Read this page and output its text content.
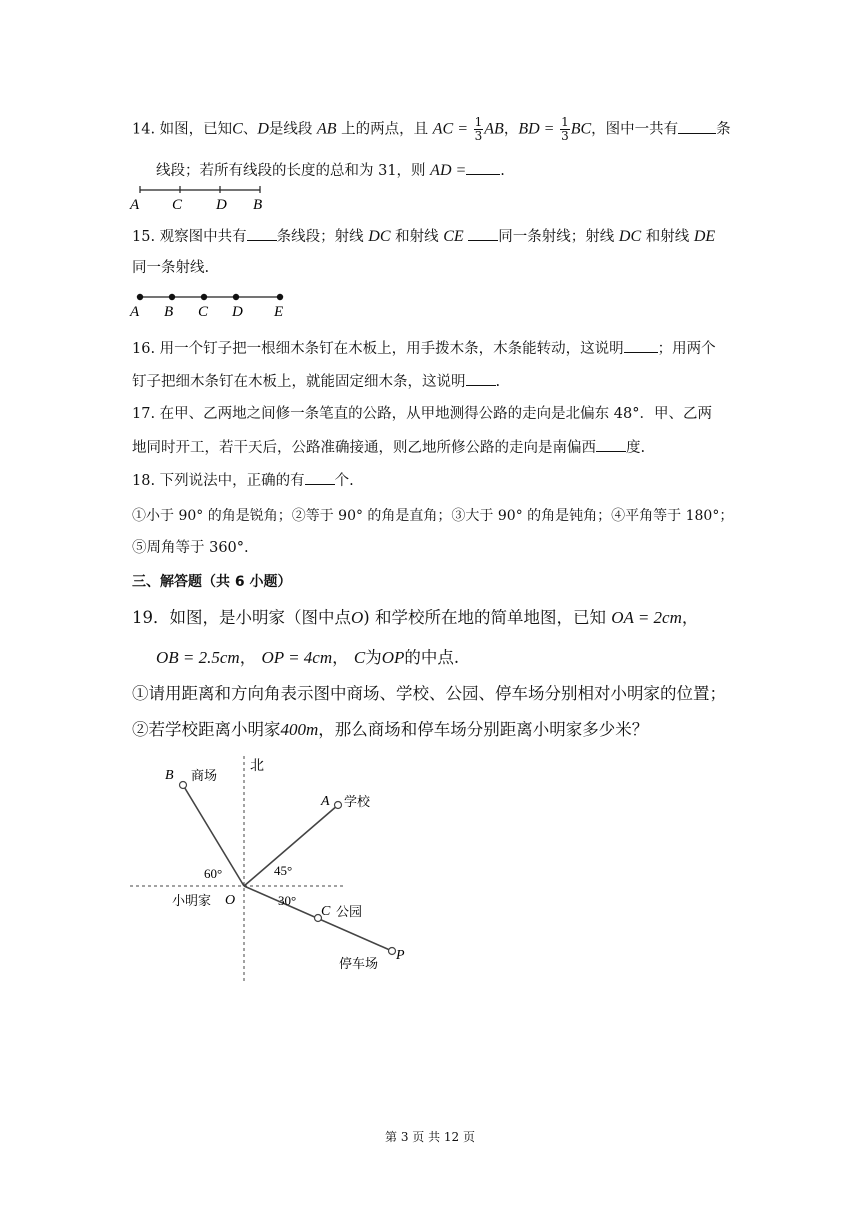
14. 如图，已知C、D是线段 AB 上的两点，且 AC = $\frac{1}{3}$ AB，BD = $\frac{1}{3}$ BC，图中一共有	条
线段；若所有线段的长度的总和为 31，则 AD = .
A C D B
15. 观察图中共有 条线段；射线 DC 和射线 CE 同一条射线；射线 DC 和射线 DE
同一条射线.
A B C D E
16. 用一个钉子把一根细木条钉在木板上，用手拨木条，木条能转动，这说明 ；用两个
钉子把细木条钉在木板上，就能固定细木条，这说明 .
17. 在甲、乙两地之间修一条笔直的公路，从甲地测得公路的走向是北偏东 48°．甲、乙两
地同时开工，若干天后，公路准确接通，则乙地所修公路的走向是南偏西 度.
18. 下列说法中，正确的有 个.
①小于 90° 的角是锐角；②等于 90° 的角是直角；③大于 90° 的角是钝角；④平角等于 180°；
⑤周角等于 360°.
三、解答题（共 6 小题）
19．如图，是小明家（图中点O) 和学校所在地的简单地图，已知 OA = 2cm，
OB = 2.5cm， OP = 4cm， C为OP的中点.
①请用距离和方向角表示图中商场、学校、公园、停车场分别相对小明家的位置；
②若学校距离小明家400m，那么商场和停车场分别距离小明家多少米？
北
B 商场
A 学校
60°	45°
30°
小明家 O
C 公园
停车场
P
第 3 页 共 12 页
